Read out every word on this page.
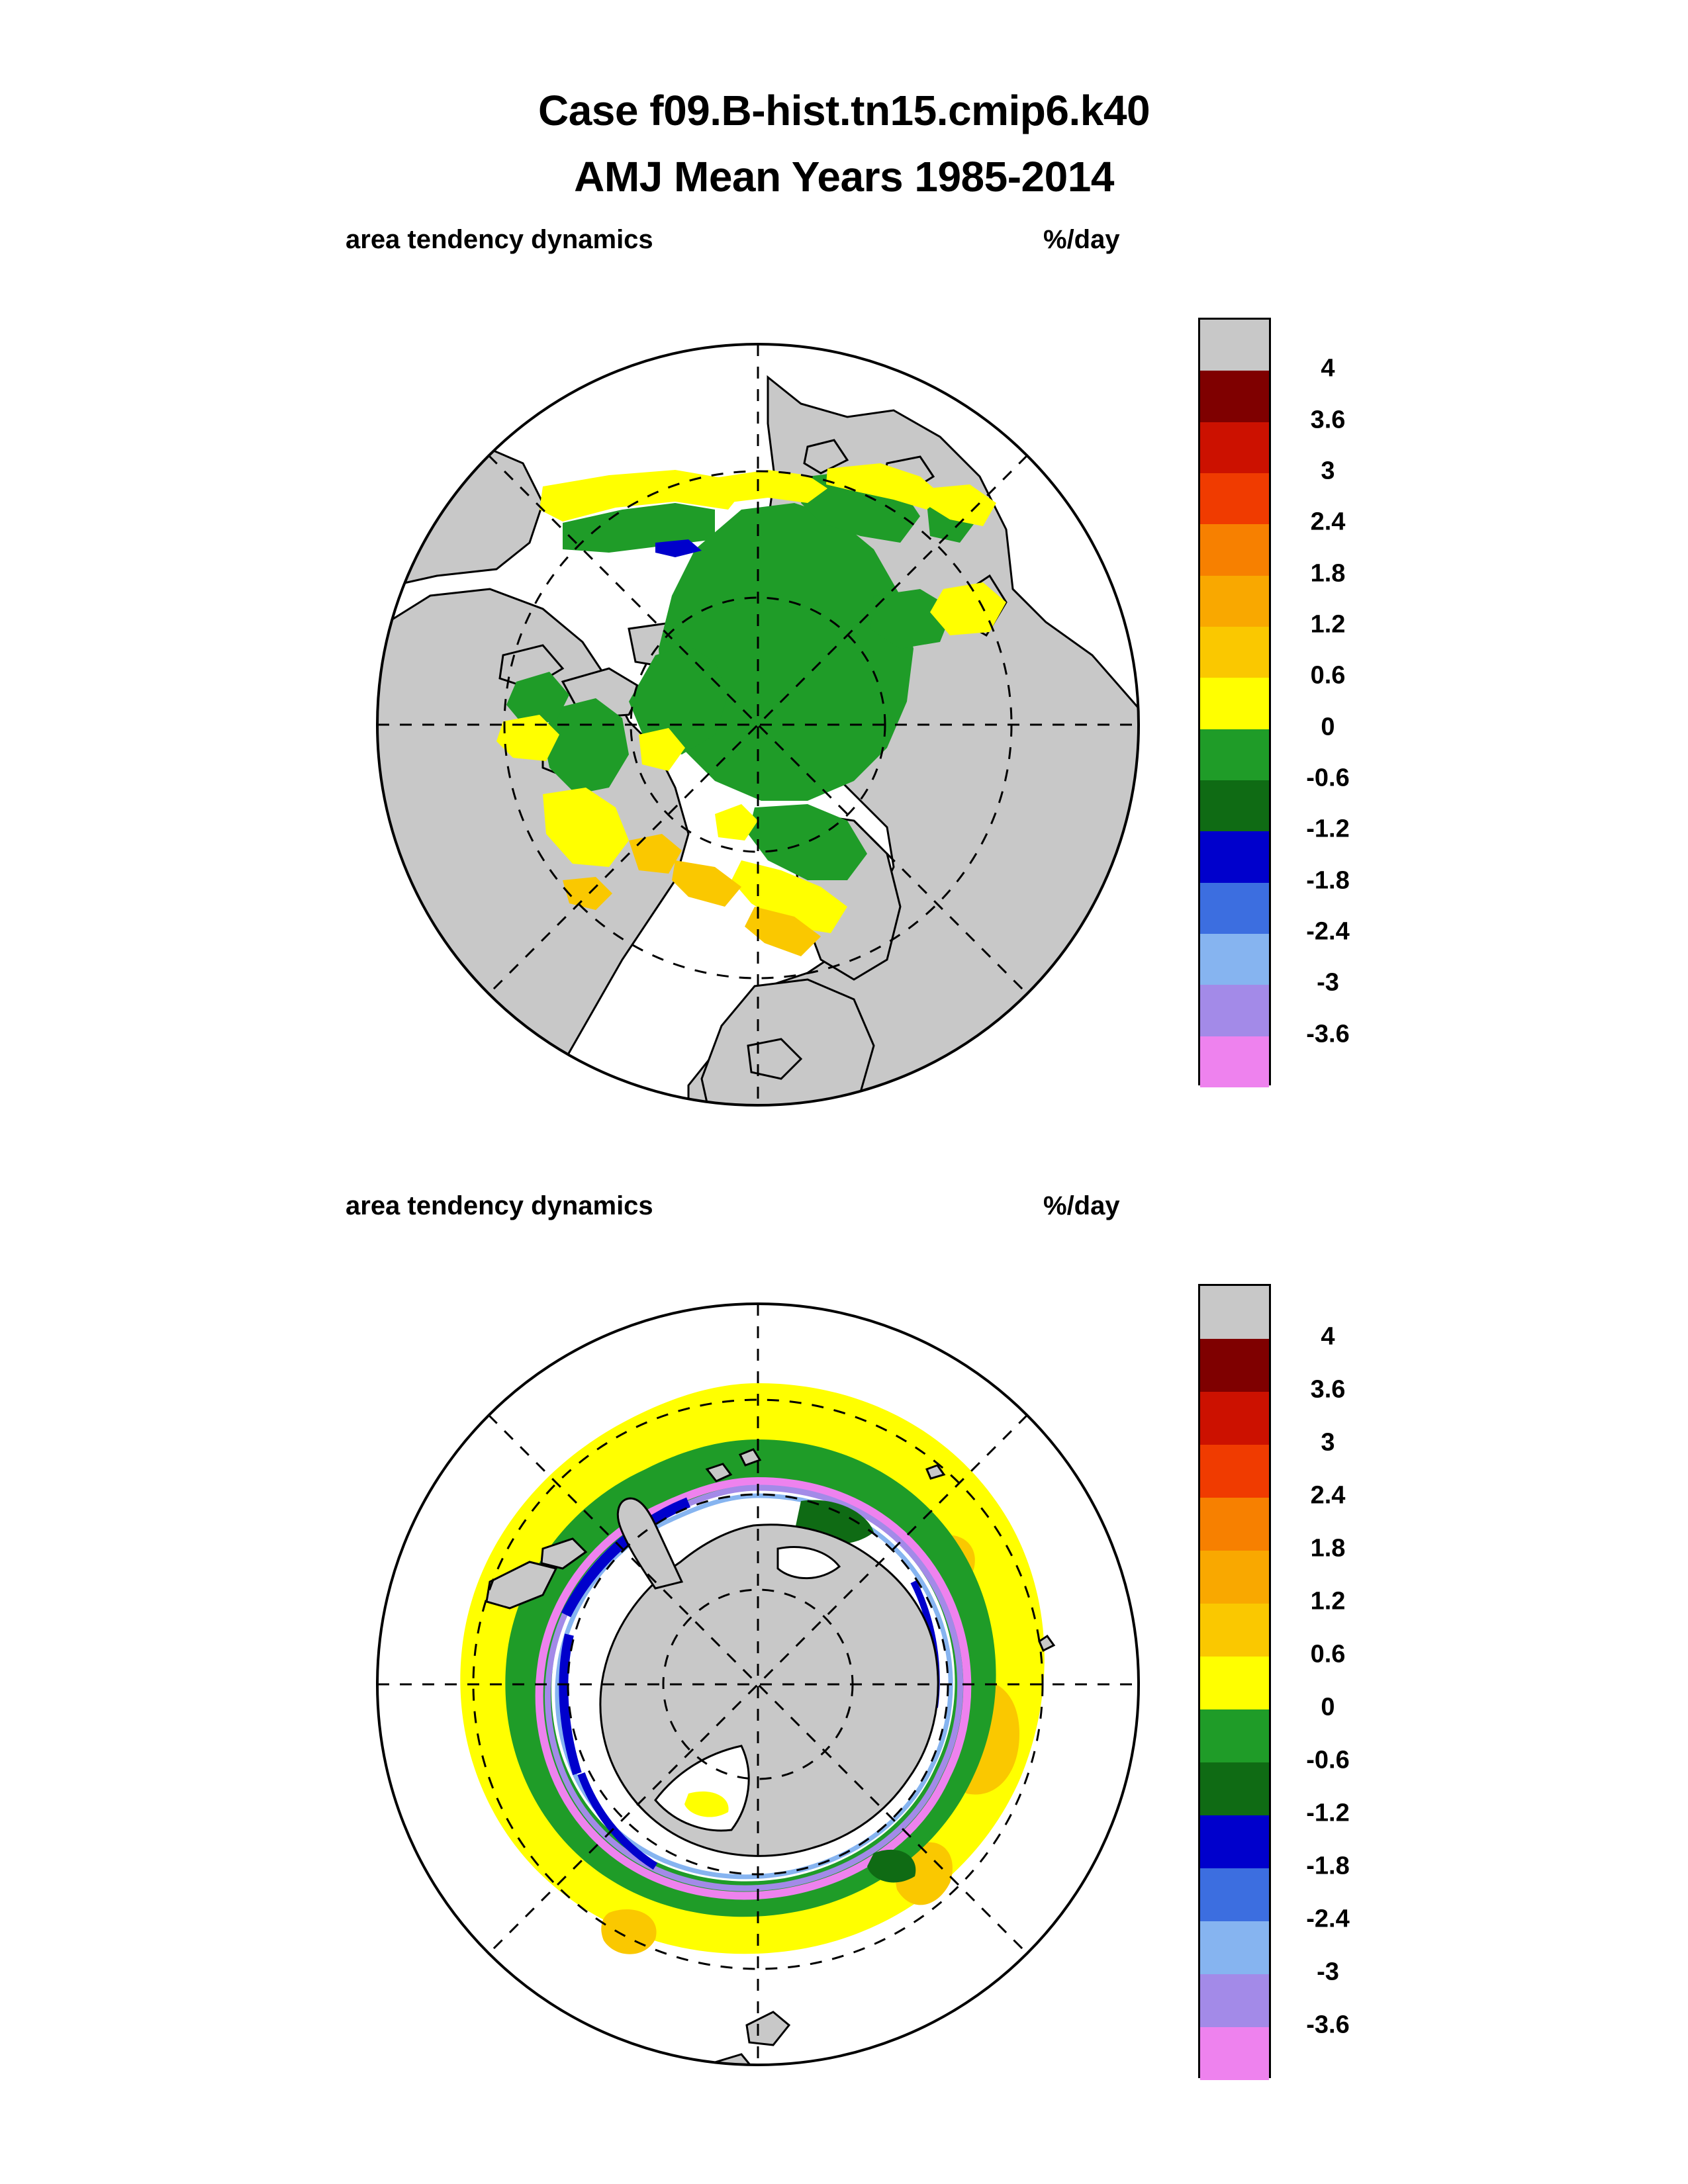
Case f09.B-hist.tn15.cmip6.k40
AMJ Mean Years 1985-2014
area tendency dynamics	%/day
4
3.6
3
2.4
1.8
1.2
0.6
0
-0.6
-1.2
-1.8
-2.4
-3
-3.6
area tendency dynamics	%/day
4
3.6
3
2.4
1.8
1.2
0.6
0
-0.6
-1.2
-1.8
-2.4
-3
-3.6
